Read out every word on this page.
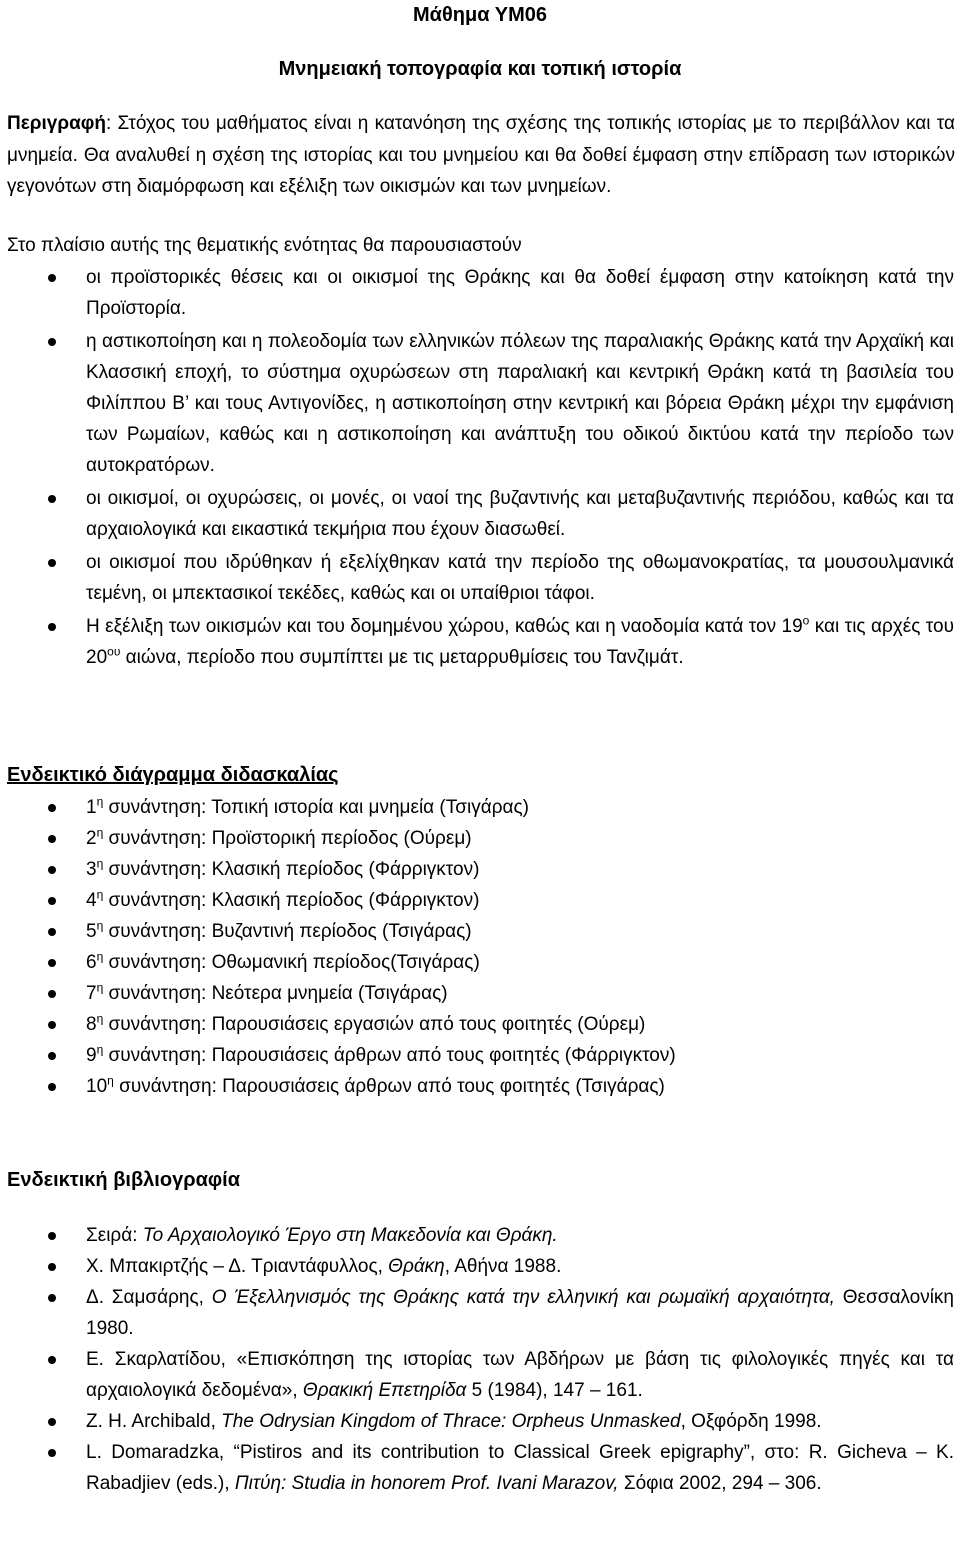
Μάθημα ΥΜ06
Μνημειακή τοπογραφία και τοπική ιστορία

Περιγραφή: Στόχος του μαθήματος είναι η κατανόηση της σχέσης της τοπικής ιστορίας με το περιβάλλον και τα μνημεία. Θα αναλυθεί η σχέση της ιστορίας και του μνημείου και θα δοθεί έμφαση στην επίδραση των ιστορικών γεγονότων στη διαμόρφωση και εξέλιξη των οικισμών και των μνημείων.

Στο πλαίσιο αυτής της θεματικής ενότητας θα παρουσιαστούν

οι προϊστορικές θέσεις και οι οικισμοί της Θράκης και θα δοθεί έμφαση στην κατοίκηση κατά την Προϊστορία.
η αστικοποίηση και η πολεοδομία των ελληνικών πόλεων της παραλιακής Θράκης κατά την Αρχαϊκή και Κλασσική εποχή, το σύστημα οχυρώσεων στη παραλιακή και κεντρική Θράκη κατά τη βασιλεία του Φιλίππου Β’ και τους Αντιγονίδες, η αστικοποίηση στην κεντρική και βόρεια Θράκη μέχρι την εμφάνιση των Ρωμαίων, καθώς και η αστικοποίηση και ανάπτυξη του οδικού δικτύου κατά την περίοδο των αυτοκρατόρων.
οι οικισμοί, οι οχυρώσεις, οι μονές, οι ναοί της βυζαντινής και μεταβυζαντινής περιόδου, καθώς και τα αρχαιολογικά και εικαστικά τεκμήρια που έχουν διασωθεί.
οι οικισμοί που ιδρύθηκαν ή εξελίχθηκαν κατά την περίοδο της οθωμανοκρατίας, τα μουσουλμανικά τεμένη, οι μπεκτασικοί τεκέδες, καθώς και οι υπαίθριοι τάφοι.
Η εξέλιξη των οικισμών και του δομημένου χώρου, καθώς και η ναοδομία κατά τον $19^o$ και τις αρχές του $20^{o\upsilon}$ αιώνα, περίοδο που συμπίπτει με τις μεταρρυθμίσεις του Τανζιμάτ.
Ενδεικτικό διάγραμμα διδασκαλίας
$1^\eta$ συνάντηση: Τοπική ιστορία και μνημεία (Τσιγάρας)
$2^\eta$ συνάντηση: Προϊστορική περίοδος (Ούρεμ)
$3^\eta$ συνάντηση: Κλασική περίοδος (Φάρριγκτον)
$4^\eta$ συνάντηση: Κλασική περίοδος (Φάρριγκτον)
$5^\eta$ συνάντηση: Βυζαντινή περίοδος (Τσιγάρας)
$6^\eta$ συνάντηση: Οθωμανική περίοδος(Τσιγάρας)
$7^\eta$ συνάντηση: Νεότερα μνημεία (Τσιγάρας)
$8^\eta$ συνάντηση: Παρουσιάσεις εργασιών από τους φοιτητές (Ούρεμ)
$9^\eta$ συνάντηση: Παρουσιάσεις άρθρων από τους φοιτητές (Φάρριγκτον)
$10^\eta$ συνάντηση: Παρουσιάσεις άρθρων από τους φοιτητές (Τσιγάρας)
Ενδεικτική βιβλιογραφία
Σειρά: Το Αρχαιολογικό Έργο στη Μακεδονία και Θράκη.
Χ. Μπακιρτζής – Δ. Τριαντάφυλλος, Θράκη, Αθήνα 1988.
Δ. Σαμσάρης, Ο Έξελληνισμός της Θράκης κατά την ελληνική και ρωμαϊκή αρχαιότητα, Θεσσαλονίκη 1980.
Ε. Σκαρλατίδου, «Επισκόπηση της ιστορίας των Αβδήρων με βάση τις φιλολογικές πηγές και τα αρχαιολογικά δεδομένα», Θρακική Επετηρίδα 5 (1984), 147 – 161.
Z. H. Archibald, The Odrysian Kingdom of Thrace: Orpheus Unmasked, Οξφόρδη 1998.
L. Domaradzka, “Pistiros and its contribution to Classical Greek epigraphy”, στο: R. Gicheva – K. Rabadjiev (eds.), Πιτύη: Studia in honorem Prof. Ivani Marazov, Σόφια 2002, 294 – 306.
